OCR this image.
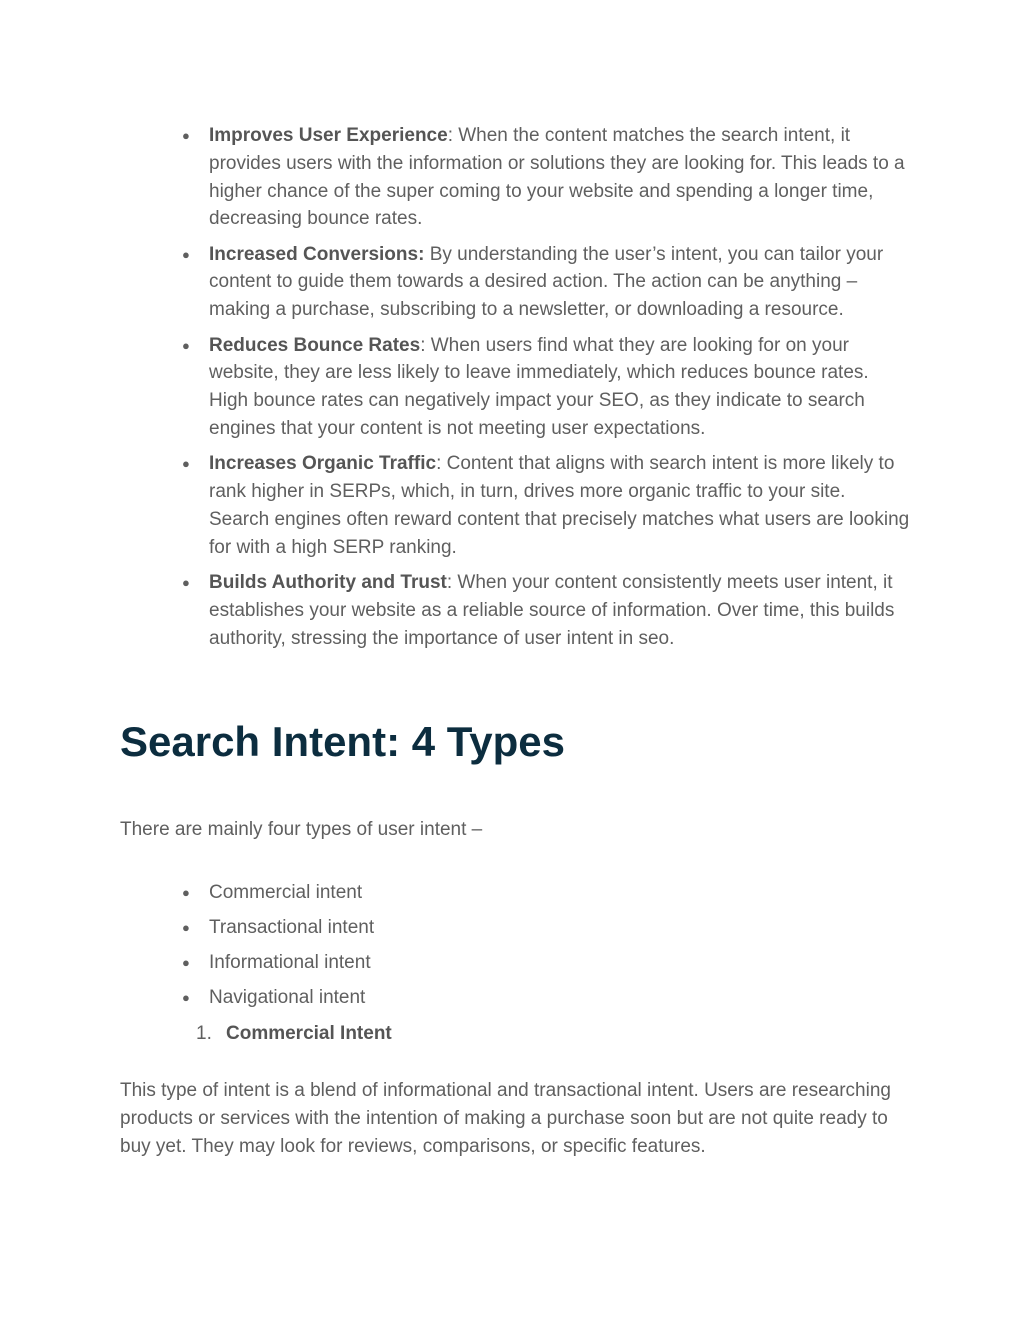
● Improves User Experience: When the content matches the search intent, it provides users with the information or solutions they are looking for. This leads to a higher chance of the super coming to your website and spending a longer time, decreasing bounce rates.
● Increased Conversions: By understanding the user’s intent, you can tailor your content to guide them towards a desired action. The action can be anything – making a purchase, subscribing to a newsletter, or downloading a resource.
● Reduces Bounce Rates: When users find what they are looking for on your website, they are less likely to leave immediately, which reduces bounce rates. High bounce rates can negatively impact your SEO, as they indicate to search engines that your content is not meeting user expectations.
● Increases Organic Traffic: Content that aligns with search intent is more likely to rank higher in SERPs, which, in turn, drives more organic traffic to your site. Search engines often reward content that precisely matches what users are looking for with a high SERP ranking.
● Builds Authority and Trust: When your content consistently meets user intent, it establishes your website as a reliable source of information. Over time, this builds authority, stressing the importance of user intent in seo.
Search Intent: 4 Types

There are mainly four types of user intent –

● Commercial intent
● Transactional intent
● Informational intent
● Navigational intent

1. Commercial Intent

This type of intent is a blend of informational and transactional intent. Users are researching products or services with the intention of making a purchase soon but are not quite ready to buy yet. They may look for reviews, comparisons, or specific features.
